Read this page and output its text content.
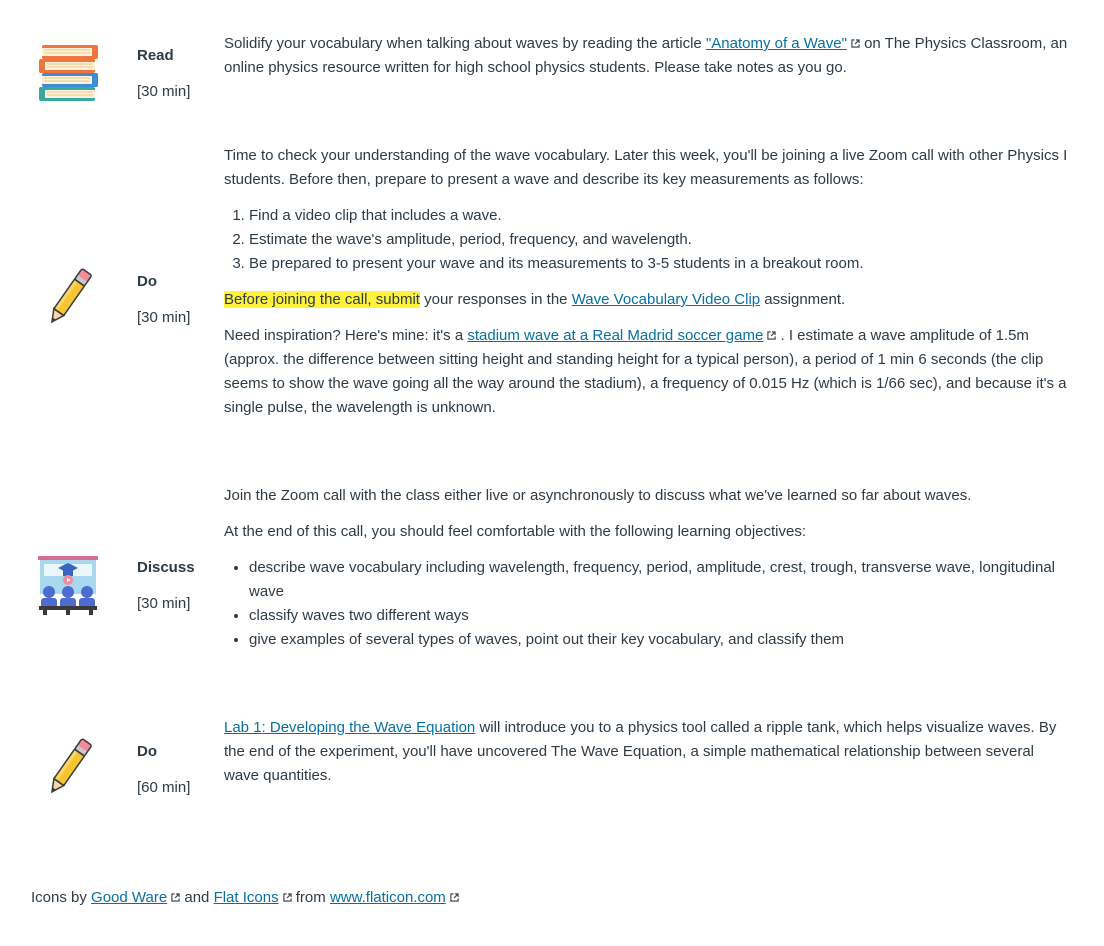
Read
[30 min]

Solidify your vocabulary when talking about waves by reading the article "Anatomy of a Wave"
on The Physics Classroom, an online physics resource written for high school physics students. Please take notes as you go.

Do
[30 min]

Time to check your understanding of the wave vocabulary. Later this week, you'll be joining a live Zoom call with other Physics I students. Before then, prepare to present a wave and describe its key measurements as follows:

1. Find a video clip that includes a wave.
2. Estimate the wave's amplitude, period, frequency, and wavelength.
3. Be prepared to present your wave and its measurements to 3-5 students in a breakout room.

Before joining the call, submit your responses in the Wave Vocabulary Video Clip assignment.

Need inspiration? Here's mine: it's a stadium wave at a Real Madrid soccer game
. I estimate a wave amplitude of 1.5m (approx. the difference between sitting height and standing height for a typical person), a period of 1 min 6 seconds (the clip seems to show the wave going all the way around the stadium), a frequency of 0.015 Hz (which is 1/66 sec), and because it's a single pulse, the wavelength is unknown.

Discuss
[30 min]

Join the Zoom call with the class either live or asynchronously to discuss what we've learned so far about waves.

At the end of this call, you should feel comfortable with the following learning objectives:

• describe wave vocabulary including wavelength, frequency, period, amplitude, crest, trough, transverse wave, longitudinal wave
• classify waves two different ways
• give examples of several types of waves, point out their key vocabulary, and classify them
Do
[60 min]

Lab 1: Developing the Wave Equation will introduce you to a physics tool called a ripple tank, which helps visualize waves. By the end of the experiment, you'll have uncovered The Wave Equation, a simple mathematical relationship between several wave quantities.

Icons by Good Ware
and Flat Icons
from www.flaticon.com
